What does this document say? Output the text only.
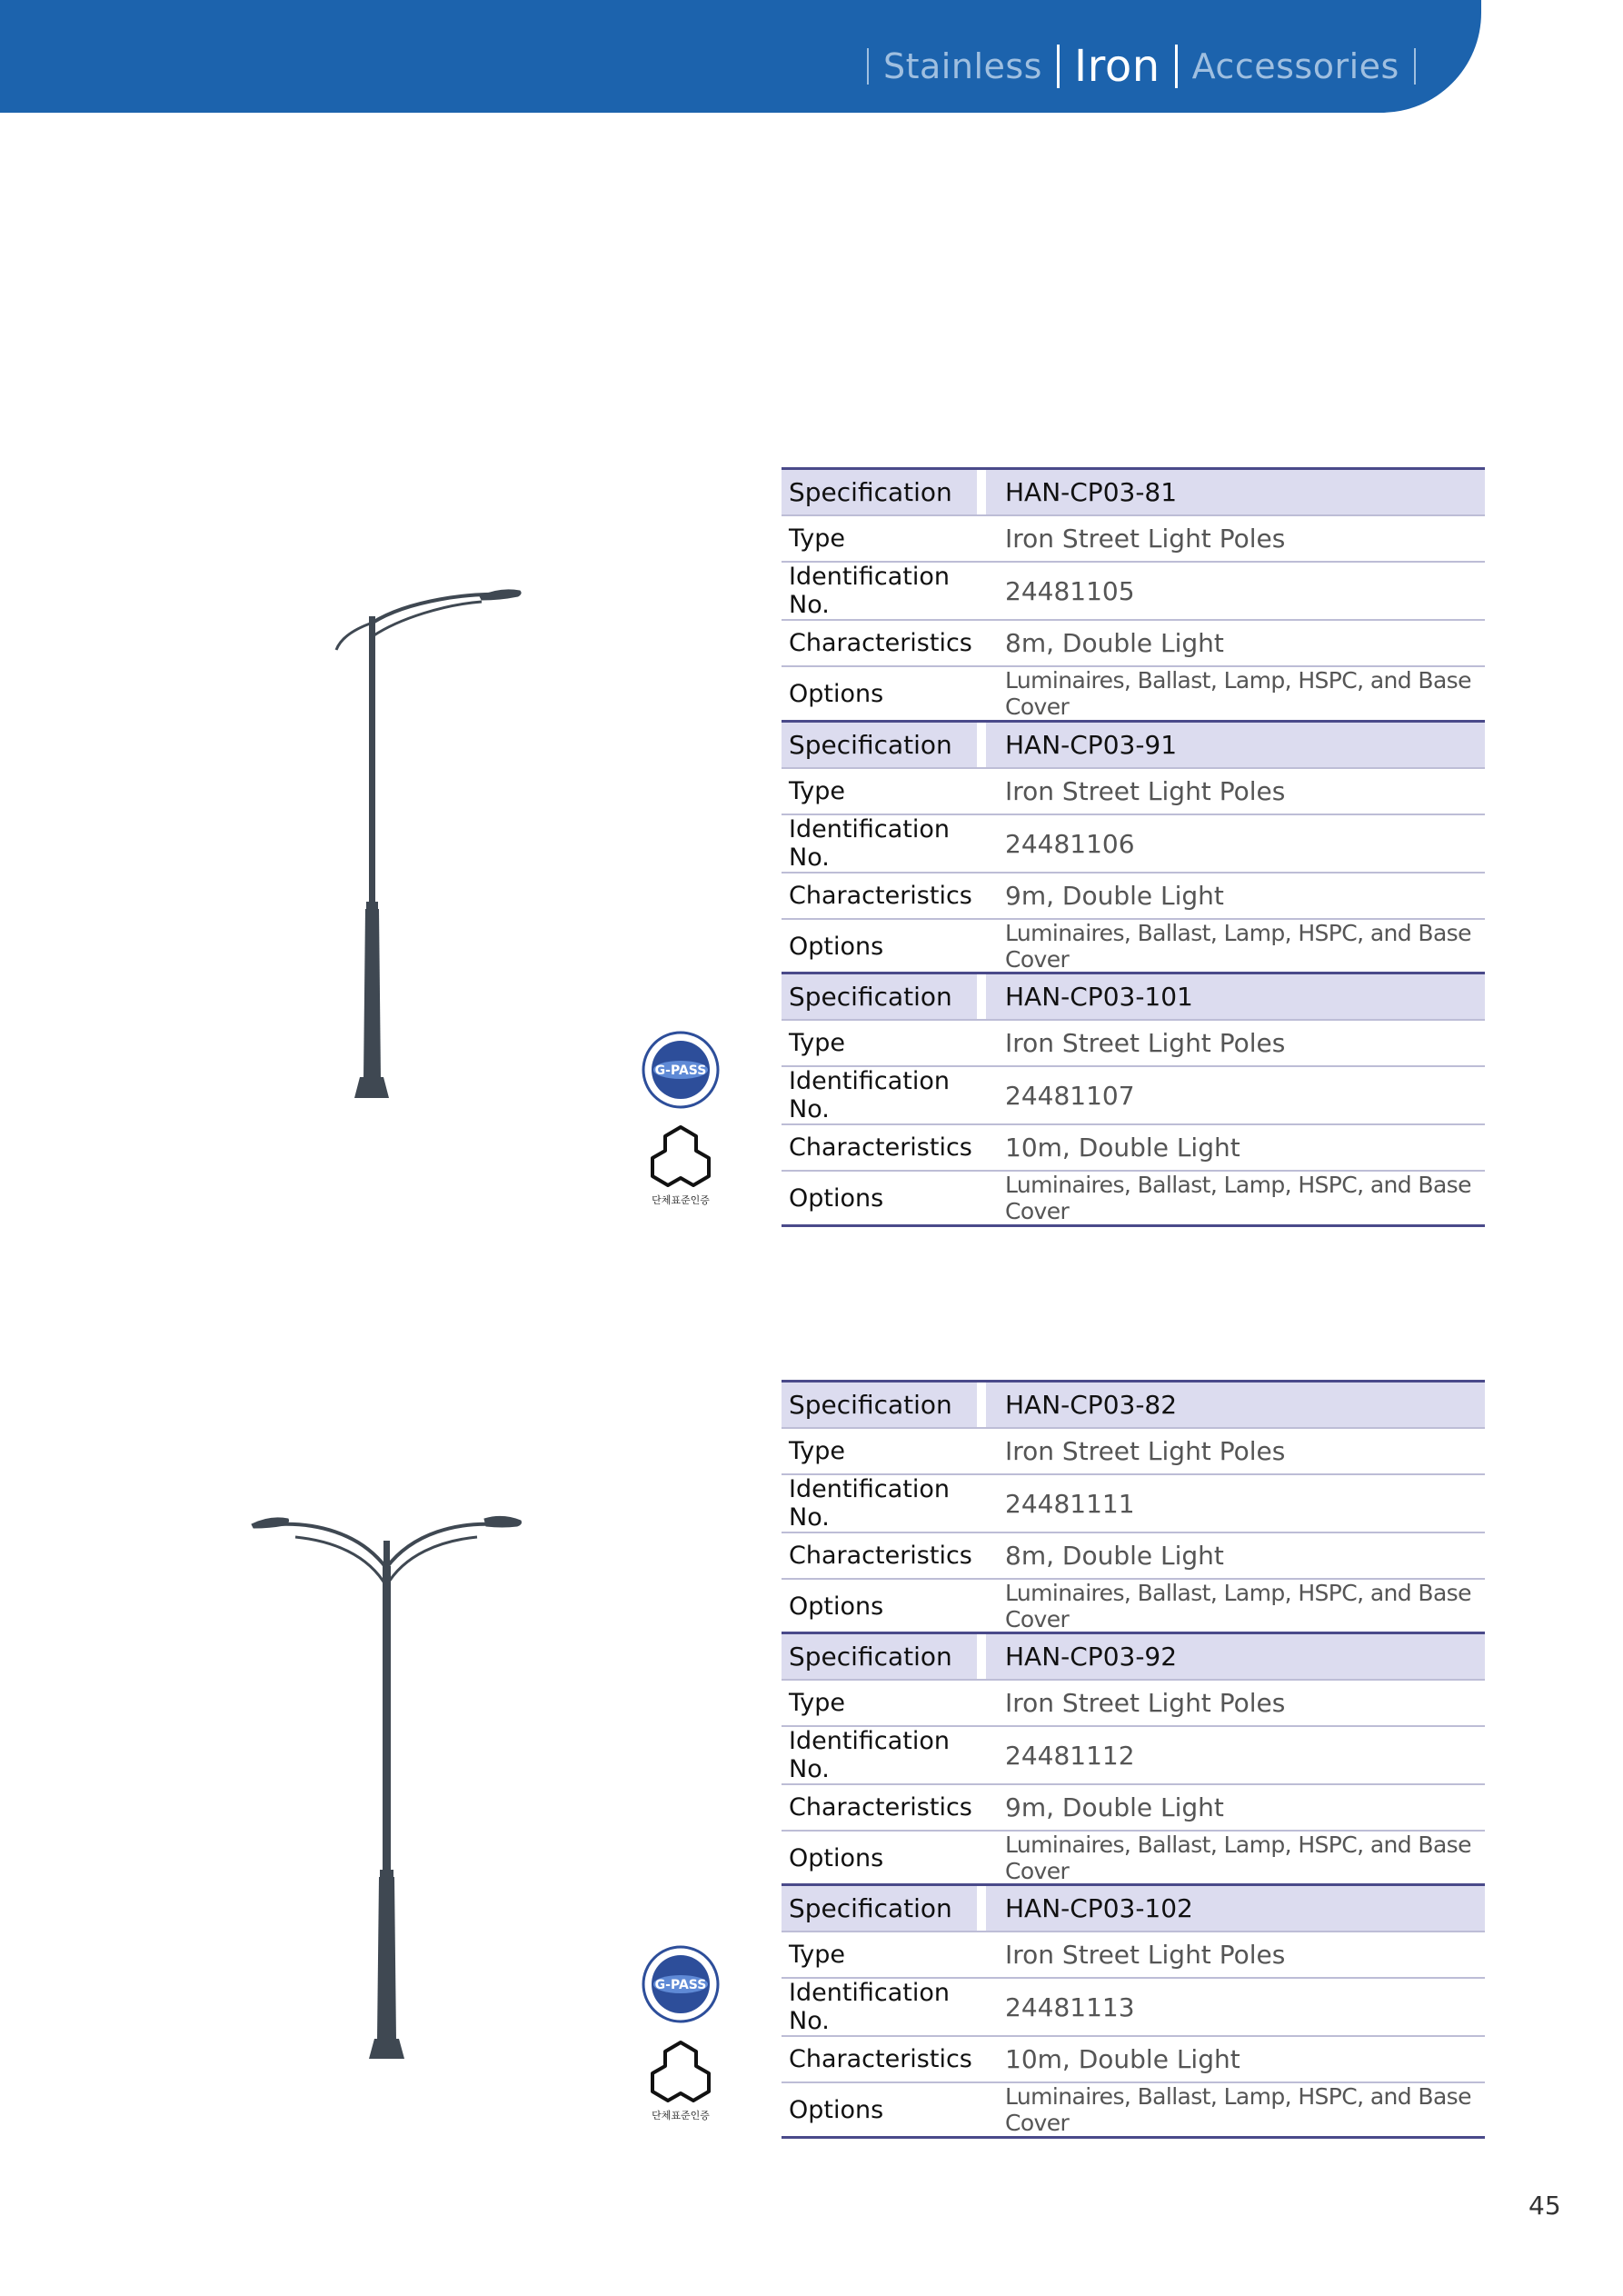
Stainless Iron Accessories
G-PASS
단체표준인증
G-PASS
단체표준인증
Specification		HAN-CP03-81
Type		Iron Street Light Poles
Identification No.		24481105
Characteristics		8m, Double Light
Options		Luminaires, Ballast, Lamp, HSPC, and Base Cover
Specification		HAN-CP03-91
Type		Iron Street Light Poles
Identification No.		24481106
Characteristics		9m, Double Light
Options		Luminaires, Ballast, Lamp, HSPC, and Base Cover
Specification		HAN-CP03-101
Type		Iron Street Light Poles
Identification No.		24481107
Characteristics		10m, Double Light
Options		Luminaires, Ballast, Lamp, HSPC, and Base Cover
Specification		HAN-CP03-82
Type		Iron Street Light Poles
Identification No.		24481111
Characteristics		8m, Double Light
Options		Luminaires, Ballast, Lamp, HSPC, and Base Cover
Specification		HAN-CP03-92
Type		Iron Street Light Poles
Identification No.		24481112
Characteristics		9m, Double Light
Options		Luminaires, Ballast, Lamp, HSPC, and Base Cover
Specification		HAN-CP03-102
Type		Iron Street Light Poles
Identification No.		24481113
Characteristics		10m, Double Light
Options		Luminaires, Ballast, Lamp, HSPC, and Base Cover
45
